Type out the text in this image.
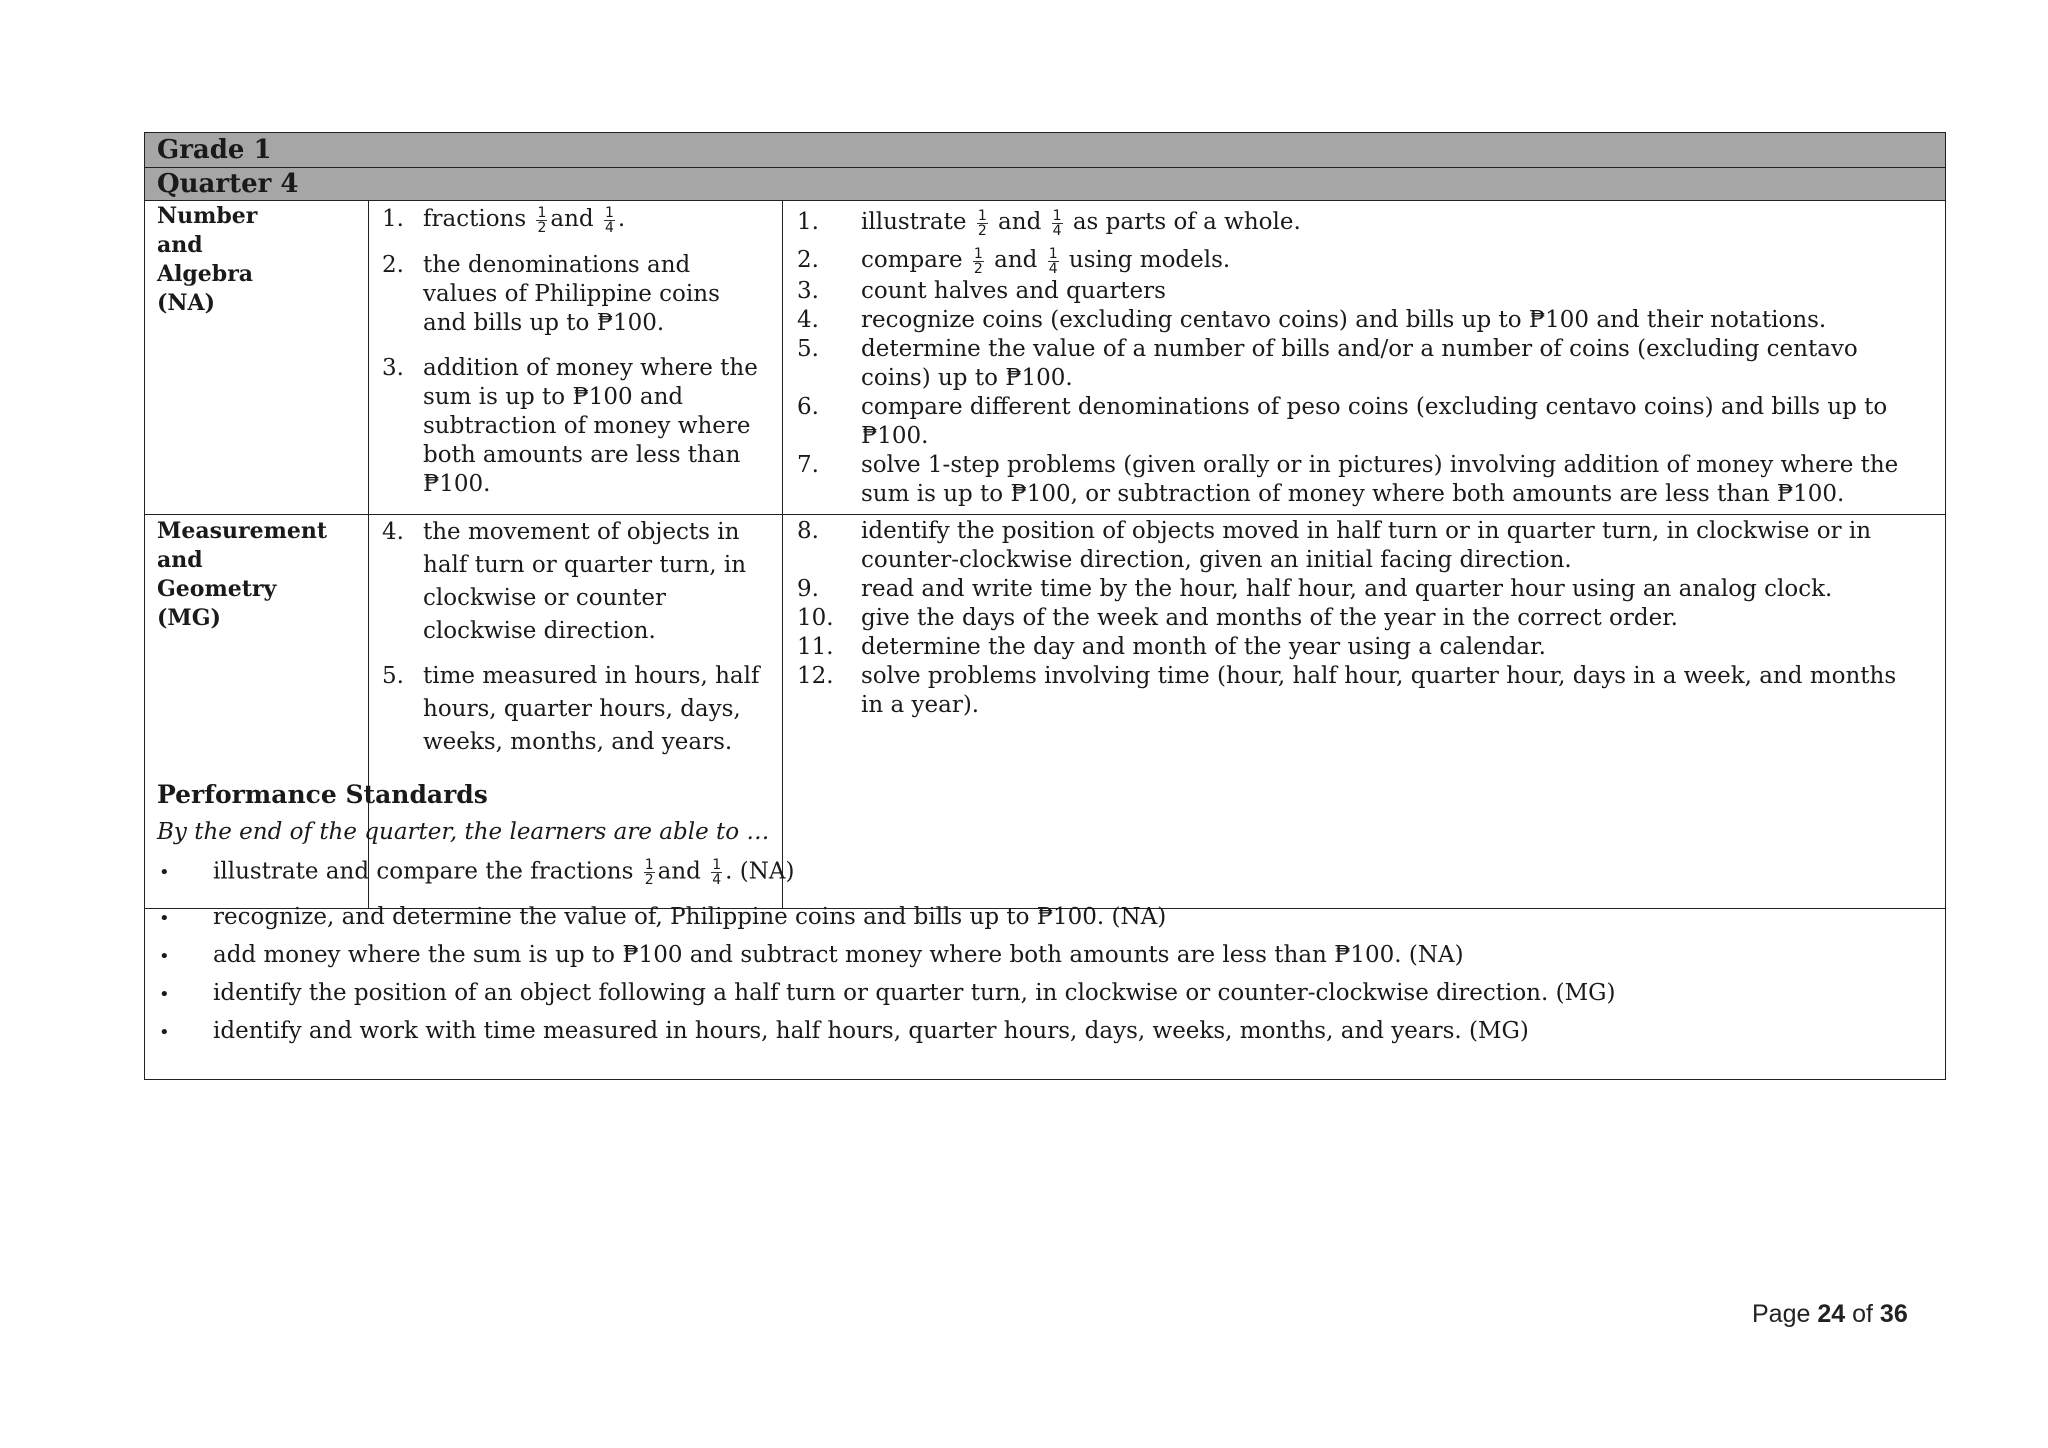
Grade 1
Quarter 4
Number
and
Algebra
(NA)
1. fractions $\frac{1}{2}$ and $\frac{1}{4}$ .
2. the denominations and values of Philippine coins and bills up to ₱100.
3. addition of money where the sum is up to ₱100 and subtraction of money where both amounts are less than ₱100.
1. illustrate $\frac{1}{2}$ and $\frac{1}{4}$ as parts of a whole.
2. compare $\frac{1}{2}$ and $\frac{1}{4}$ using models.
3. count halves and quarters
4. recognize coins (excluding centavo coins) and bills up to ₱100 and their notations.
5. determine the value of a number of bills and/or a number of coins (excluding centavo coins) up to ₱100.
6. compare different denominations of peso coins (excluding centavo coins) and bills up to ₱100.
7. solve 1-step problems (given orally or in pictures) involving addition of money where the sum is up to ₱100, or subtraction of money where both amounts are less than ₱100.
Measurement
and
Geometry
(MG)
4. the movement of objects in half turn or quarter turn, in clockwise or counter clockwise direction.
5. time measured in hours, half hours, quarter hours, days, weeks, months, and years.
8. identify the position of objects moved in half turn or in quarter turn, in clockwise or in counter-clockwise direction, given an initial facing direction.
9. read and write time by the hour, half hour, and quarter hour using an analog clock.
10. give the days of the week and months of the year in the correct order.
11. determine the day and month of the year using a calendar.
12. solve problems involving time (hour, half hour, quarter hour, days in a week, and months in a year).
Performance Standards
By the end of the quarter, the learners are able to …
• illustrate and compare the fractions $\frac{1}{2}$ and $\frac{1}{4}$ . (NA)
• recognize, and determine the value of, Philippine coins and bills up to ₱100. (NA)
• add money where the sum is up to ₱100 and subtract money where both amounts are less than ₱100. (NA)
• identify the position of an object following a half turn or quarter turn, in clockwise or counter-clockwise direction. (MG)
• identify and work with time measured in hours, half hours, quarter hours, days, weeks, months, and years. (MG)
Page 24 of 36
